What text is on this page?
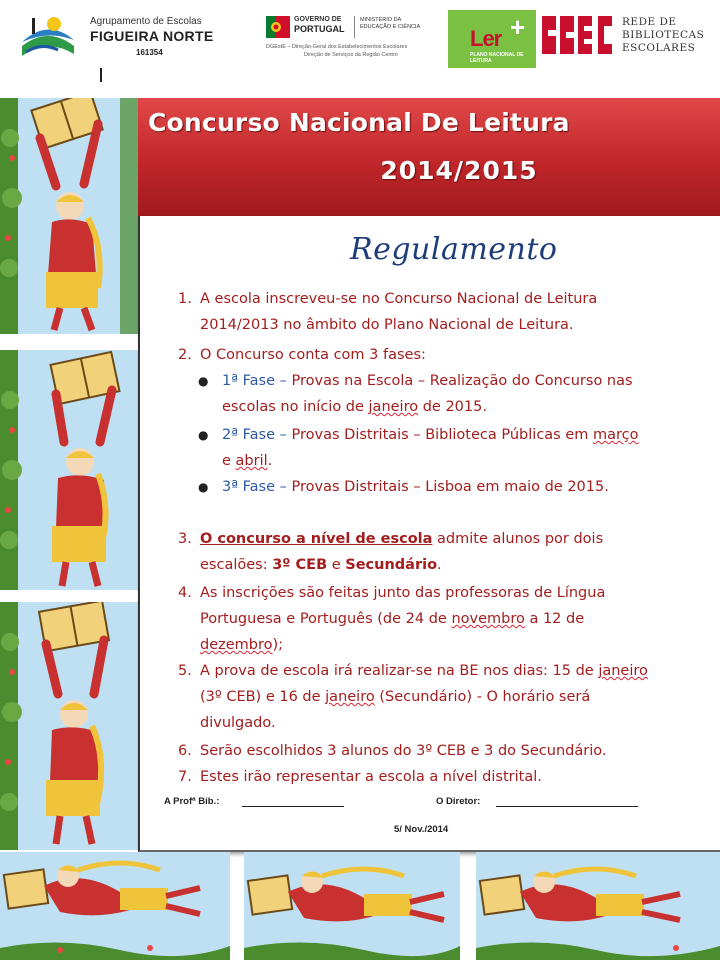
Agrupamento de Escolas
FIGUEIRA NORTE
161354
GOVERNO DE
PORTUGAL
MINISTÉRIO DA EDUCAÇÃO E CIÊNCIA
DGEstE – Direção-Geral dos Estabelecimentos Escolares
Direção de Serviços da Região Centro
Ler +
PLANO NACIONAL DE LEITURA
REDE DE
BIBLIOTECAS
ESCOLARES
Concurso Nacional De Leitura
2014/2015
Regulamento
1. A escola inscreveu-se no Concurso Nacional de Leitura
2014/2013 no âmbito do Plano Nacional de Leitura.
2. O Concurso conta com 3 fases:
● 1ª Fase – Provas na Escola – Realização do Concurso nas
escolas no início de janeiro de 2015.
● 2ª Fase – Provas Distritais – Biblioteca Públicas em março
e abril.
● 3ª Fase – Provas Distritais – Lisboa em maio de 2015.
3. O concurso a nível de escola admite alunos por dois
escalões: 3º CEB e Secundário.
4. As inscrições são feitas junto das professoras de Língua
Portuguesa e Português (de 24 de novembro a 12 de
dezembro);
5. A prova de escola irá realizar-se na BE nos dias: 15 de janeiro
(3º CEB) e 16 de janeiro (Secundário) - O horário será
divulgado.
6. Serão escolhidos 3 alunos do 3º CEB e 3 do Secundário.
7. Estes irão representar a escola a nível distrital.
A Profª Bib.:	O Diretor:
5/ Nov./2014
